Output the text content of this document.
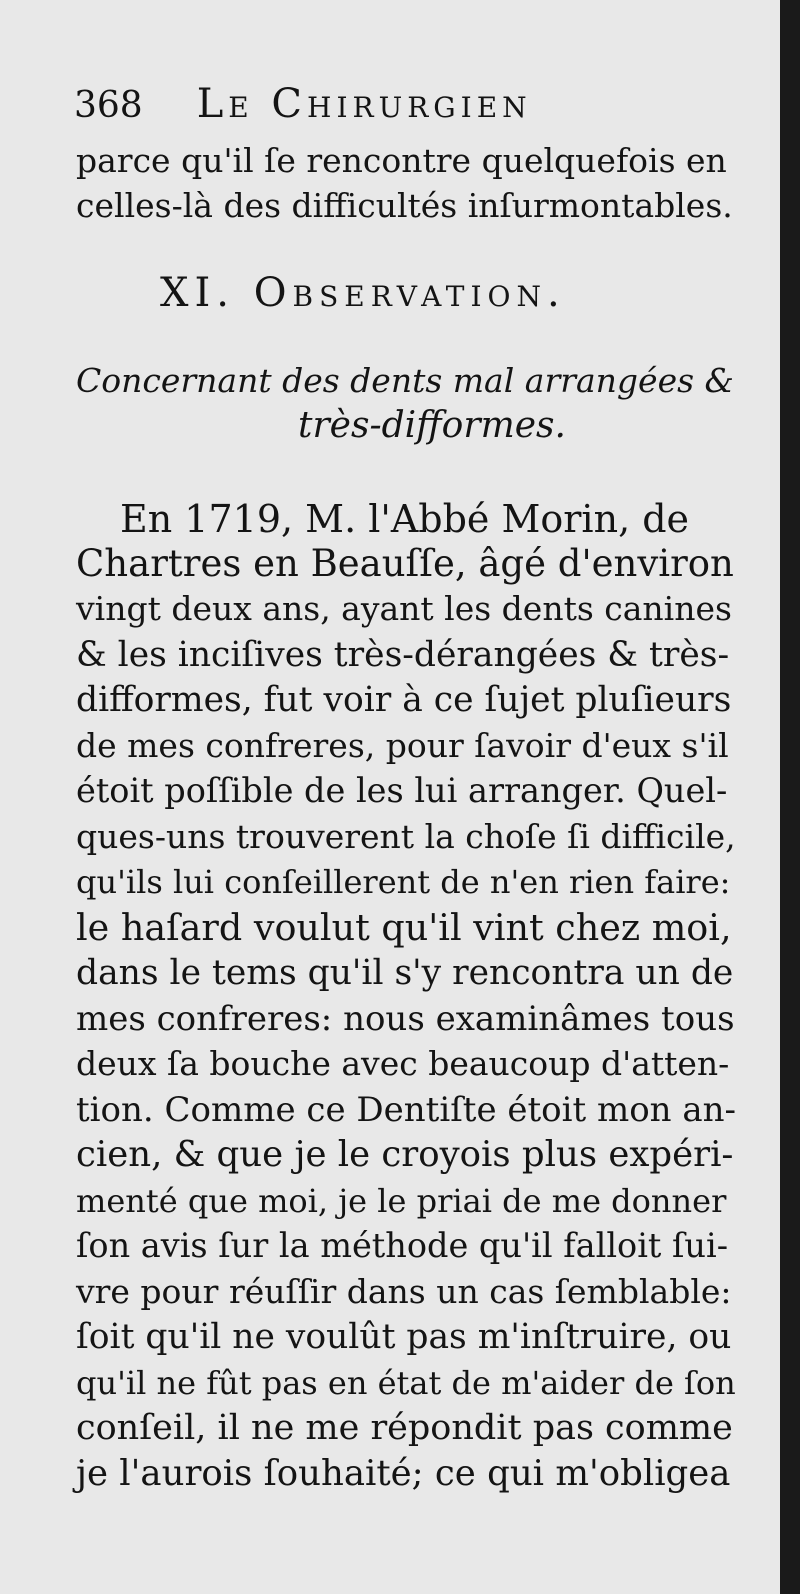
368 Le Chirurgien
parce qu'il ſe rencontre quelquefois en
celles-là des difficultés inſurmontables.
XI. Observation.
Concernant des dents mal arrangées &
très-difformes.
En 1719, M. l'Abbé Morin, de
Chartres en Beauſſe, âgé d'environ
vingt deux ans, ayant les dents canines
& les inciſives très-dérangées & très-
difformes, fut voir à ce ſujet pluſieurs
de mes confreres, pour ſavoir d'eux s'il
étoit poſſible de les lui arranger. Quel-
ques-uns trouverent la choſe ſi difficile,
qu'ils lui conſeillerent de n'en rien faire:
le haſard voulut qu'il vint chez moi,
dans le tems qu'il s'y rencontra un de
mes confreres: nous examinâmes tous
deux ſa bouche avec beaucoup d'atten-
tion. Comme ce Dentiſte étoit mon an-
cien, & que je le croyois plus expéri-
menté que moi, je le priai de me donner
ſon avis ſur la méthode qu'il falloit ſui-
vre pour réuſſir dans un cas ſemblable:
ſoit qu'il ne voulût pas m'inſtruire, ou
qu'il ne fût pas en état de m'aider de ſon
conſeil, il ne me répondit pas comme
je l'aurois ſouhaité; ce qui m'obligea
